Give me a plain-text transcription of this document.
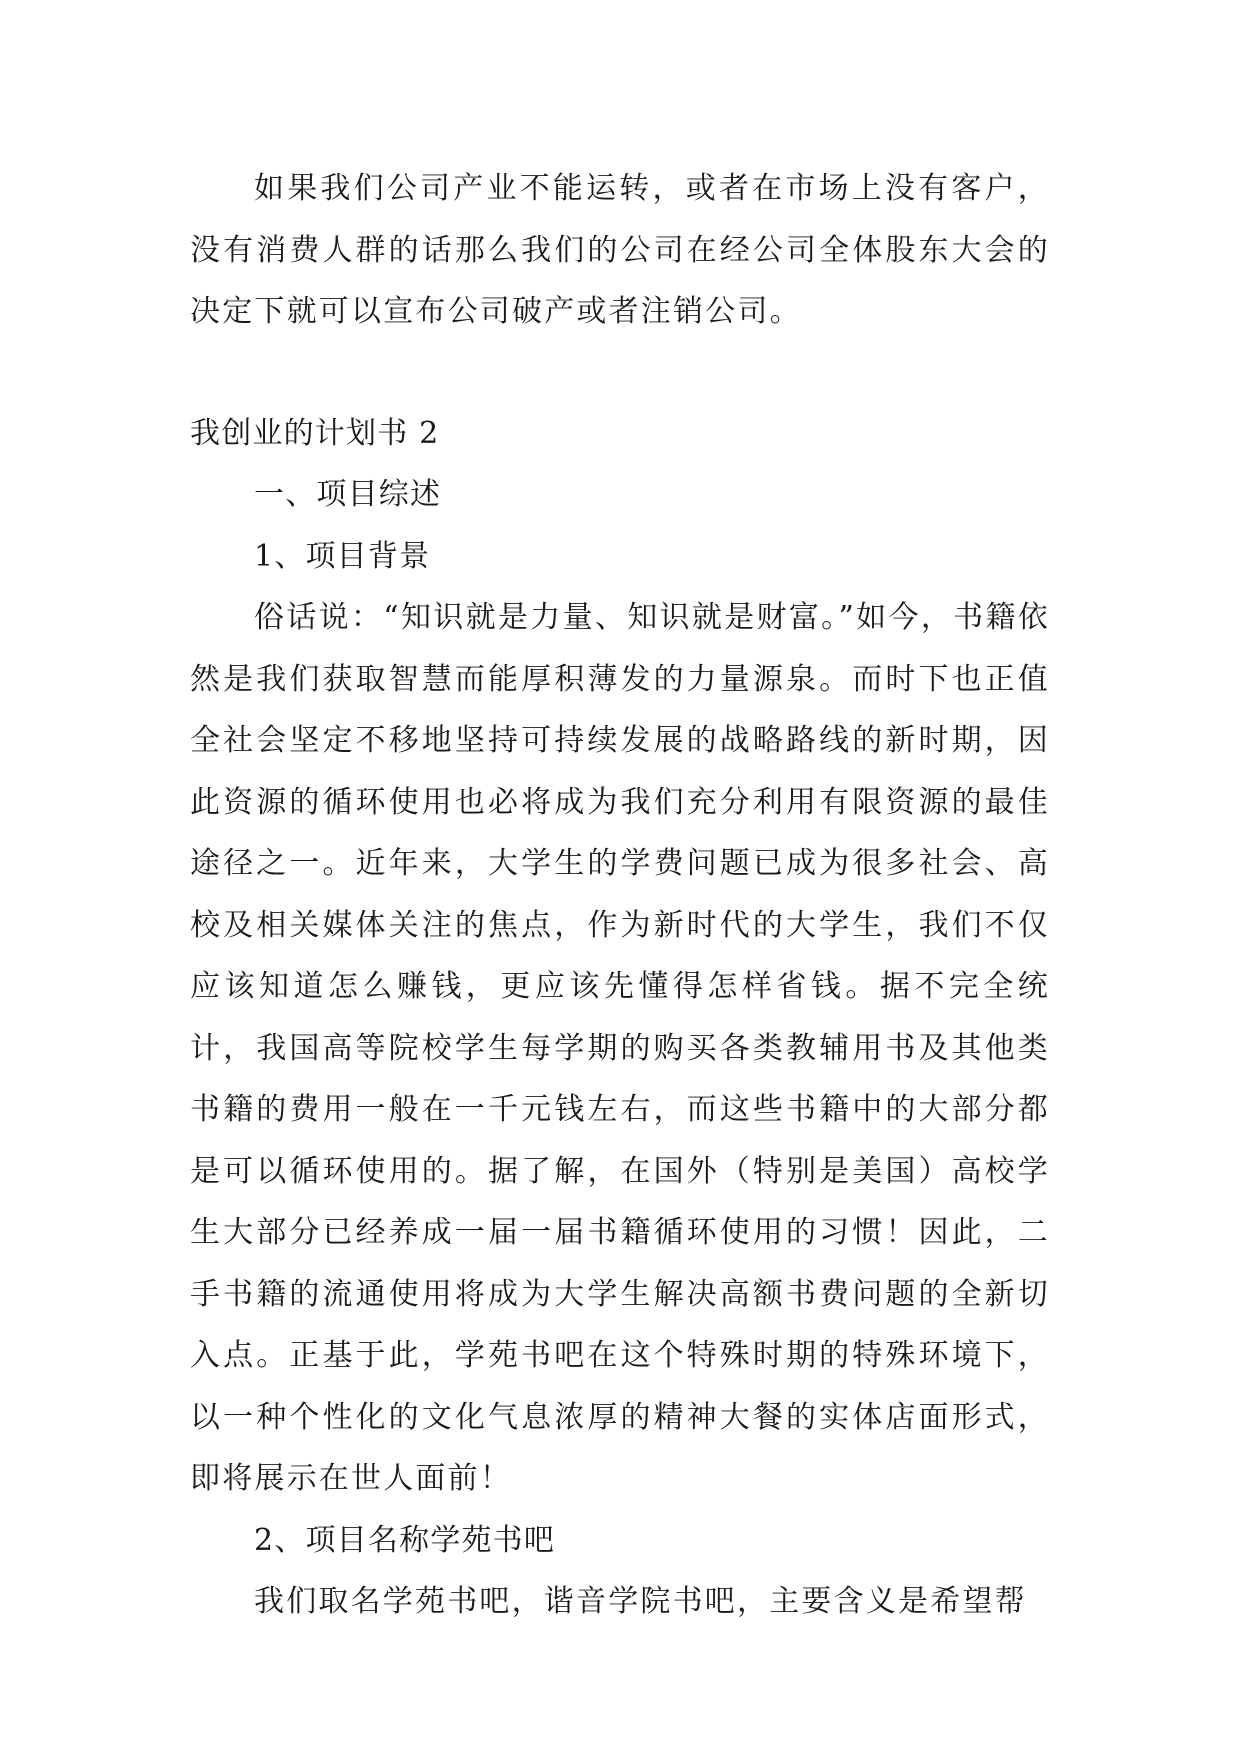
如果我们公司产业不能运转，或者在市场上没有客户，没有消费人群的话那么我们的公司在经公司全体股东大会的决定下就可以宣布公司破产或者注销公司。

我创业的计划书 2

一、项目综述

1、项目背景

俗话说：“知识就是力量、知识就是财富。”如今，书籍依然是我们获取智慧而能厚积薄发的力量源泉。而时下也正值全社会坚定不移地坚持可持续发展的战略路线的新时期，因此资源的循环使用也必将成为我们充分利用有限资源的最佳途径之一。近年来，大学生的学费问题已成为很多社会、高校及相关媒体关注的焦点，作为新时代的大学生，我们不仅应该知道怎么赚钱，更应该先懂得怎样省钱。据不完全统计，我国高等院校学生每学期的购买各类教辅用书及其他类书籍的费用一般在一千元钱左右，而这些书籍中的大部分都是可以循环使用的。据了解，在国外（特别是美国）高校学生大部分已经养成一届一届书籍循环使用的习惯！因此，二手书籍的流通使用将成为大学生解决高额书费问题的全新切入点。正基于此，学苑书吧在这个特殊时期的特殊环境下，以一种个性化的文化气息浓厚的精神大餐的实体店面形式，即将展示在世人面前！

2、项目名称学苑书吧

我们取名学苑书吧，谐音学院书吧，主要含义是希望帮
